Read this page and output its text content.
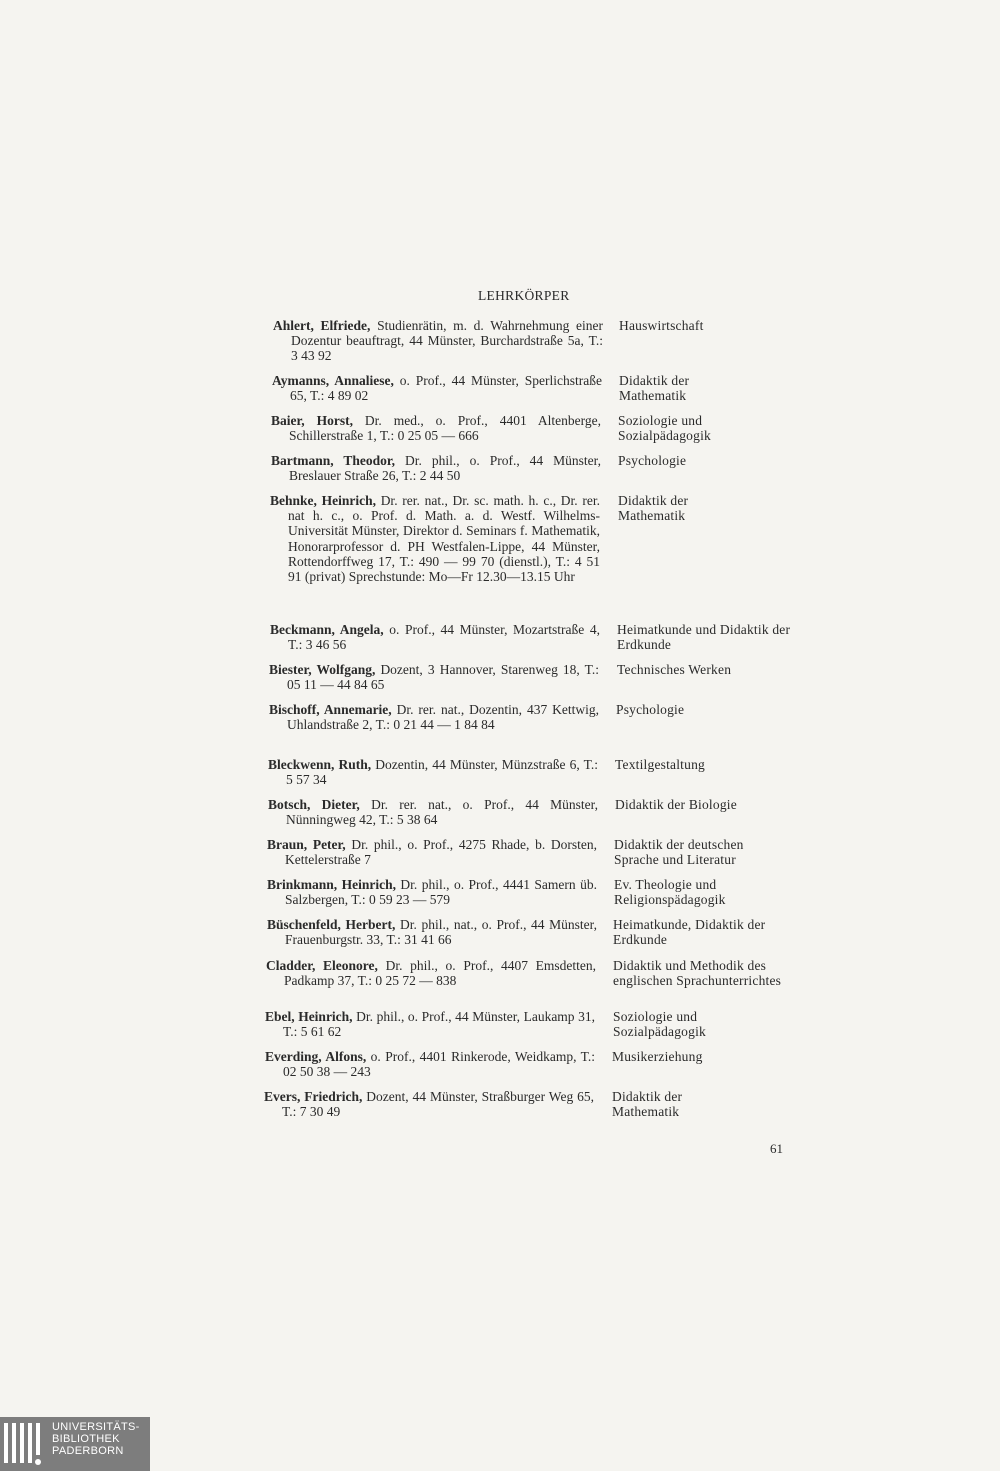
LEHRKÖRPER
Ahlert, Elfriede, Studienrätin, m. d. Wahrnehmung einer Dozentur beauftragt, 44 Münster, Burchardstraße 5a, T.: 3 43 92
Hauswirtschaft
Aymanns, Annaliese, o. Prof., 44 Münster, Sperlichstraße 65, T.: 4 89 02
Didaktik der Mathematik
Baier, Horst, Dr. med., o. Prof., 4401 Altenberge, Schillerstraße 1, T.: 0 25 05 — 666
Soziologie und Sozialpädagogik
Bartmann, Theodor, Dr. phil., o. Prof., 44 Münster, Breslauer Straße 26, T.: 2 44 50
Psychologie
Behnke, Heinrich, Dr. rer. nat., Dr. sc. math. h. c., Dr. rer. nat h. c., o. Prof. d. Math. a. d. Westf. Wilhelms-Universität Münster, Direktor d. Seminars f. Mathematik, Honorarprofessor d. PH Westfalen-Lippe, 44 Münster, Rottendorffweg 17, T.: 490 — 99 70 (dienstl.), T.: 4 51 91 (privat) Sprechstunde: Mo—Fr 12.30—13.15 Uhr
Didaktik der Mathematik
Beckmann, Angela, o. Prof., 44 Münster, Mozartstraße 4, T.: 3 46 56
Heimatkunde und Didaktik der Erdkunde
Biester, Wolfgang, Dozent, 3 Hannover, Starenweg 18, T.: 05 11 — 44 84 65
Technisches Werken
Bischoff, Annemarie, Dr. rer. nat., Dozentin, 437 Kettwig, Uhlandstraße 2, T.: 0 21 44 — 1 84 84
Psychologie
Bleckwenn, Ruth, Dozentin, 44 Münster, Münzstraße 6, T.: 5 57 34
Textilgestaltung
Botsch, Dieter, Dr. rer. nat., o. Prof., 44 Münster, Nünningweg 42, T.: 5 38 64
Didaktik der Biologie
Braun, Peter, Dr. phil., o. Prof., 4275 Rhade, b. Dorsten, Kettelerstraße 7
Didaktik der deutschen Sprache und Literatur
Brinkmann, Heinrich, Dr. phil., o. Prof., 4441 Samern üb. Salzbergen, T.: 0 59 23 — 579
Ev. Theologie und Religionspädagogik
Büschenfeld, Herbert, Dr. phil., nat., o. Prof., 44 Münster, Frauenburgstr. 33, T.: 31 41 66
Heimatkunde, Didaktik der Erdkunde
Cladder, Eleonore, Dr. phil., o. Prof., 4407 Emsdetten, Padkamp 37, T.: 0 25 72 — 838
Didaktik und Methodik des englischen Sprachunterrichtes
Ebel, Heinrich, Dr. phil., o. Prof., 44 Münster, Laukamp 31, T.: 5 61 62
Soziologie und Sozialpädagogik
Everding, Alfons, o. Prof., 4401 Rinkerode, Weidkamp, T.: 02 50 38 — 243
Musikerziehung
Evers, Friedrich, Dozent, 44 Münster, Straßburger Weg 65, T.: 7 30 49
Didaktik der Mathematik
61
UNIVERSITÄTS-
BIBLIOTHEK
PADERBORN
